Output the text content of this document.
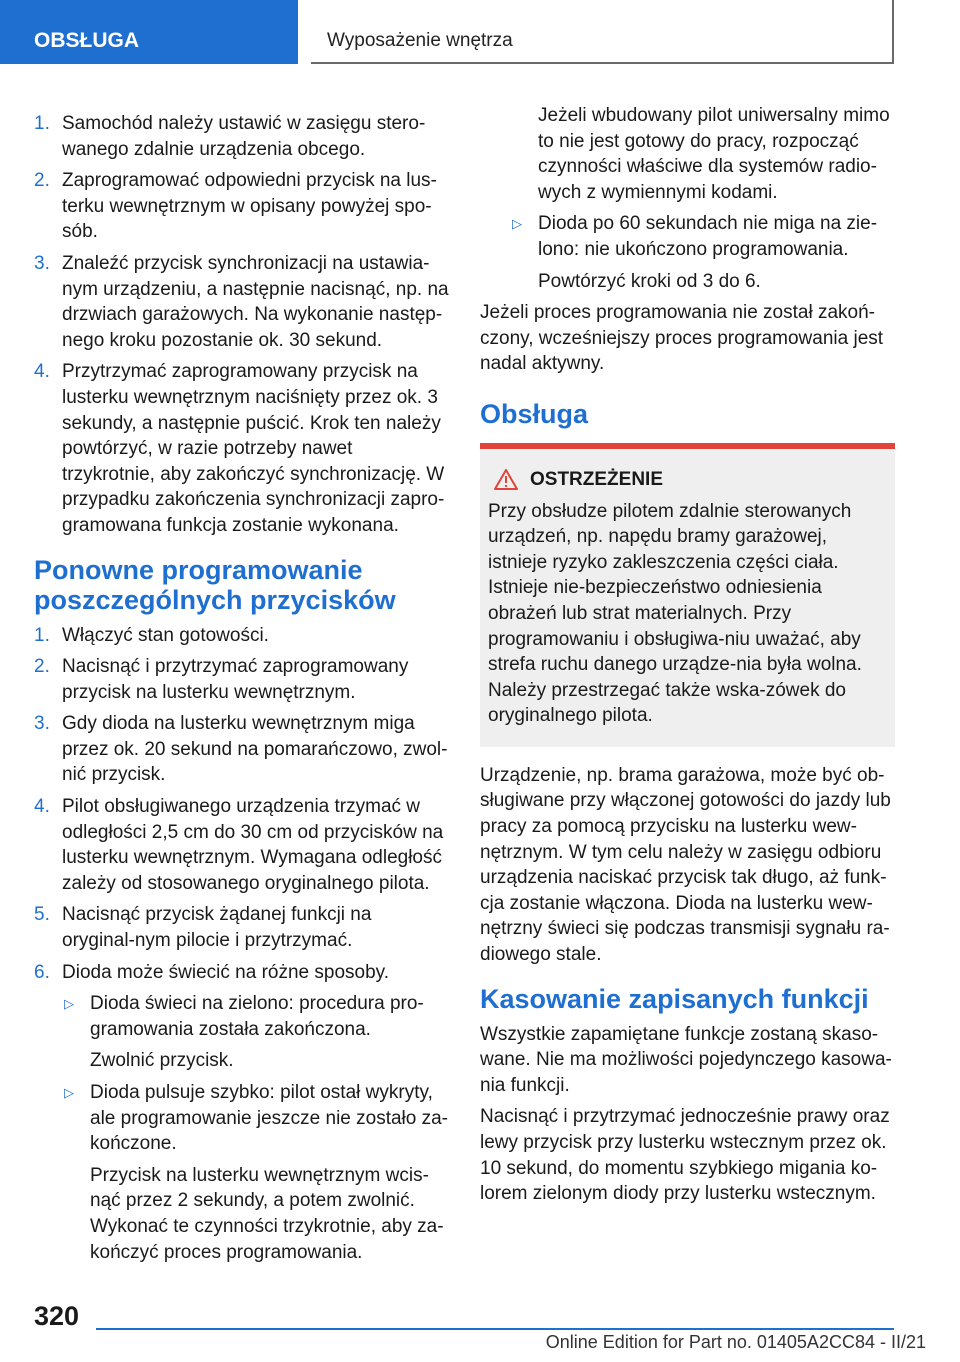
OBSŁUGA	Wyposażenie wnętrza
1. Samochód należy ustawić w zasięgu stero-wanego zdalnie urządzenia obcego.
2. Zaprogramować odpowiedni przycisk na lus-terku wewnętrznym w opisany powyżej spo-sób.
3. Znaleźć przycisk synchronizacji na ustawia-nym urządzeniu, a następnie nacisnąć, np. na drzwiach garażowych. Na wykonanie następ-nego kroku pozostanie ok. 30 sekund.
4. Przytrzymać zaprogramowany przycisk na lusterku wewnętrznym naciśnięty przez ok. 3 sekundy, a następnie puścić. Krok ten należy powtórzyć, w razie potrzeby nawet trzykrotnie, aby zakończyć synchronizację. W przypadku zakończenia synchronizacji zapro-gramowana funkcja zostanie wykonana.
Ponowne programowanie poszczególnych przycisków
1. Włączyć stan gotowości.
2. Nacisnąć i przytrzymać zaprogramowany przycisk na lusterku wewnętrznym.
3. Gdy dioda na lusterku wewnętrznym miga przez ok. 20 sekund na pomarańczowo, zwol-nić przycisk.
4. Pilot obsługiwanego urządzenia trzymać w odległości 2,5 cm do 30 cm od przycisków na lusterku wewnętrznym. Wymagana odległość zależy od stosowanego oryginalnego pilota.
5. Nacisnąć przycisk żądanej funkcji na oryginal-nym pilocie i przytrzymać.
6. Dioda może świecić na różne sposoby.
▷ Dioda świeci na zielono: procedura pro-gramowania została zakończona.
Zwolnić przycisk.
▷ Dioda pulsuje szybko: pilot ostał wykryty, ale programowanie jeszcze nie zostało za-kończone.
Przycisk na lusterku wewnętrznym wcis-nąć przez 2 sekundy, a potem zwolnić. Wykonać te czynności trzykrotnie, aby za-kończyć proces programowania.
Jeżeli wbudowany pilot uniwersalny mimo to nie jest gotowy do pracy, rozpocząć czynności właściwe dla systemów radio-wych z wymiennymi kodami.
▷ Dioda po 60 sekundach nie miga na zie-lono: nie ukończono programowania.
Powtórzyć kroki od 3 do 6.

Jeżeli proces programowania nie został zakoń-czony, wcześniejszy proces programowania jest nadal aktywny.

Obsługa
OSTRZEŻENIE
Przy obsłudze pilotem zdalnie sterowanych urządzeń, np. napędu bramy garażowej, istnieje ryzyko zakleszczenia części ciała. Istnieje nie-bezpieczeństwo odniesienia obrażeń lub strat materialnych. Przy programowaniu i obsługiwa-niu uważać, aby strefa ruchu danego urządze-nia była wolna. Należy przestrzegać także wska-zówek do oryginalnego pilota.

Urządzenie, np. brama garażowa, może być ob-sługiwane przy włączonej gotowości do jazdy lub pracy za pomocą przycisku na lusterku wew-nętrznym. W tym celu należy w zasięgu odbioru urządzenia naciskać przycisk tak długo, aż funk-cja zostanie włączona. Dioda na lusterku wew-nętrzny świeci się podczas transmisji sygnału ra-diowego stale.

Kasowanie zapisanych funkcji

Wszystkie zapamiętane funkcje zostaną skaso-wane. Nie ma możliwości pojedynczego kasowa-nia funkcji.

Nacisnąć i przytrzymać jednocześnie prawy oraz lewy przycisk przy lusterku wstecznym przez ok. 10 sekund, do momentu szybkiego migania ko-lorem zielonym diody przy lusterku wstecznym.

320
Online Edition for Part no. 01405A2CC84 - II/21
